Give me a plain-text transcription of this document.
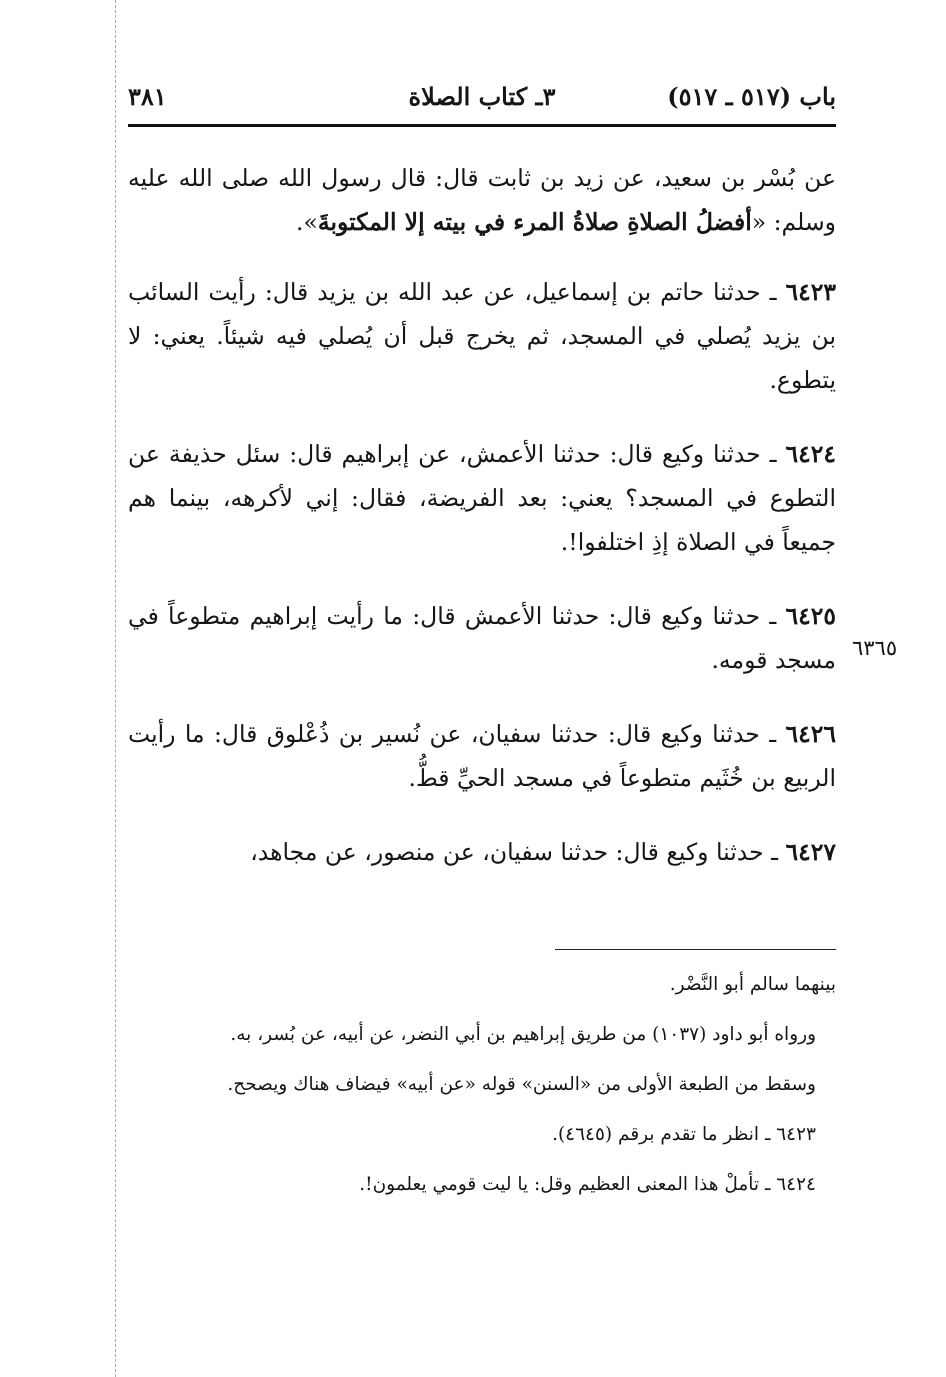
باب (٥١٧ ـ ٥١٧)
٣ـ كتاب الصلاة
٣٨١
٦٣٦٥

عن بُسْر بن سعيد، عن زيد بن ثابت قال: قال رسول الله صلى الله عليه وسلم: «أفضلُ الصلاةِ صلاةُ المرء في بيته إلا المكتوبةَ».

٦٤٢٣ ـ حدثنا حاتم بن إسماعيل، عن عبد الله بن يزيد قال: رأيت السائب بن يزيد يُصلي في المسجد، ثم يخرج قبل أن يُصلي فيه شيئاً. يعني: لا يتطوع.

٦٤٢٤ ـ حدثنا وكيع قال: حدثنا الأعمش، عن إبراهيم قال: سئل حذيفة عن التطوع في المسجد؟ يعني: بعد الفريضة، فقال: إني لأكرهه، بينما هم جميعاً في الصلاة إذِ اختلفوا!.

٦٤٢٥ ـ حدثنا وكيع قال: حدثنا الأعمش قال: ما رأيت إبراهيم متطوعاً في مسجد قومه.

٦٤٢٦ ـ حدثنا وكيع قال: حدثنا سفيان، عن نُسير بن ذُعْلوق قال: ما رأيت الربيع بن خُثَيم متطوعاً في مسجد الحيِّ قطُّ.

٦٤٢٧ ـ حدثنا وكيع قال: حدثنا سفيان، عن منصور، عن مجاهد،

بينهما سالم أبو النَّضْر.

ورواه أبو داود (١٠٣٧) من طريق إبراهيم بن أبي النضر، عن أبيه، عن بُسر، به.

وسقط من الطبعة الأولى من «السنن» قوله «عن أبيه» فيضاف هناك ويصحح.

٦٤٢٣ ـ انظر ما تقدم برقم (٤٦٤٥).

٦٤٢٤ ـ تأملْ هذا المعنى العظيم وقل: يا ليت قومي يعلمون!.
